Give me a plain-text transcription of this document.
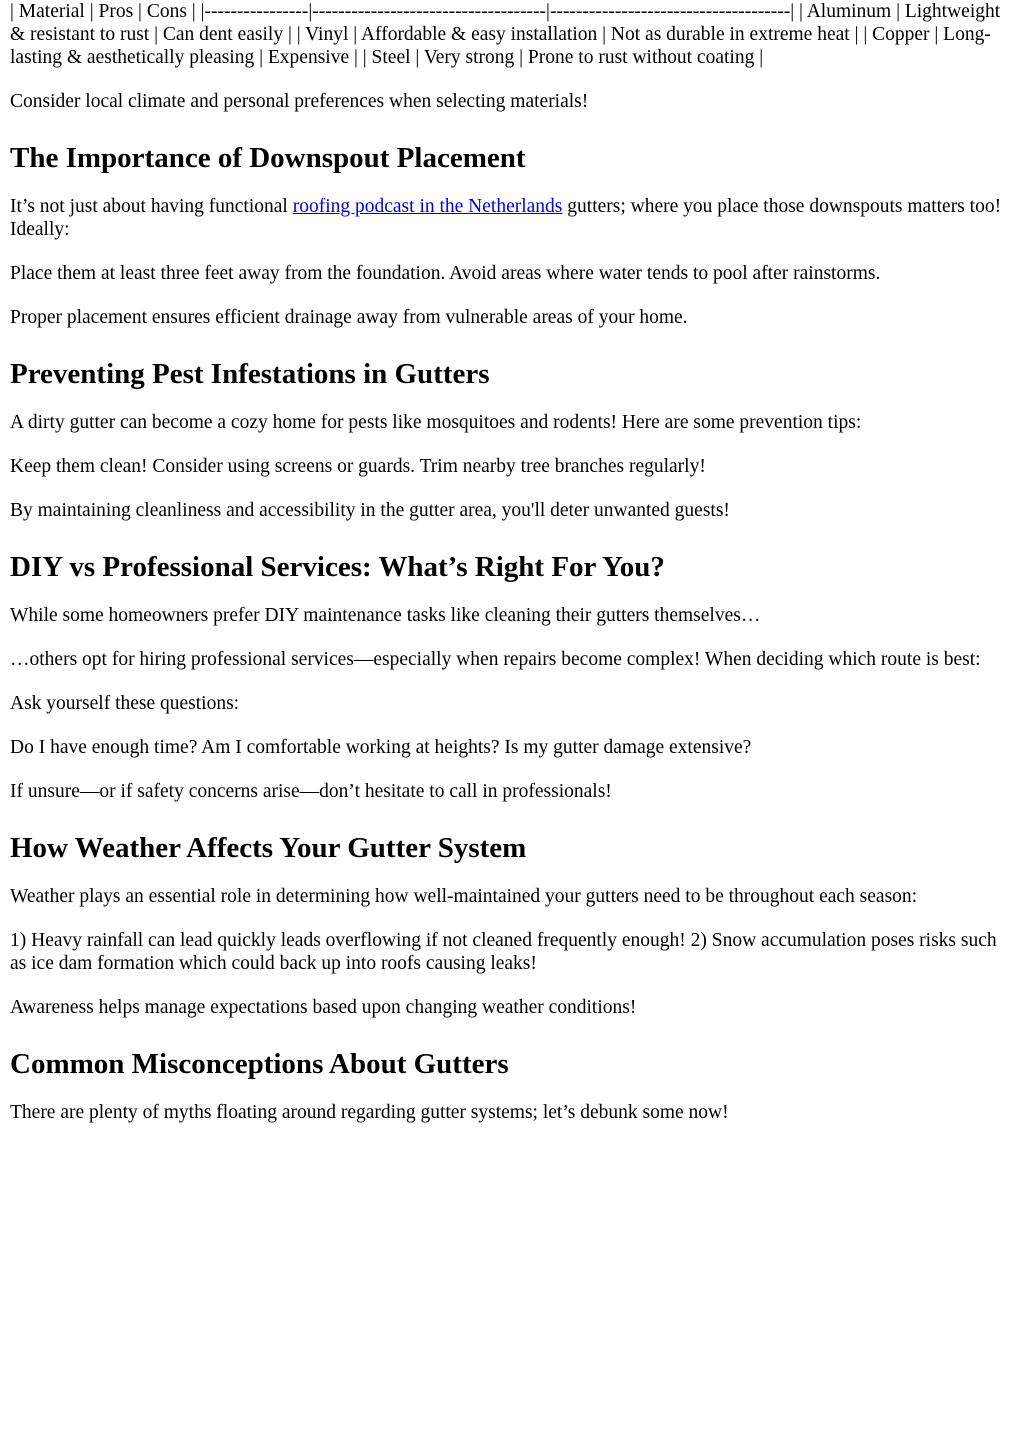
| Material | Pros | Cons | |----------------|------------------------------------|-------------------------------------| | Aluminum | Lightweight & resistant to rust | Can dent easily | | Vinyl | Affordable & easy installation | Not as durable in extreme heat | | Copper | Long-lasting & aesthetically pleasing | Expensive | | Steel | Very strong | Prone to rust without coating |

Consider local climate and personal preferences when selecting materials!

The Importance of Downspout Placement

It’s not just about having functional roofing podcast in the Netherlands gutters; where you place those downspouts matters too! Ideally:

Place them at least three feet away from the foundation. Avoid areas where water tends to pool after rainstorms.

Proper placement ensures efficient drainage away from vulnerable areas of your home.

Preventing Pest Infestations in Gutters

A dirty gutter can become a cozy home for pests like mosquitoes and rodents! Here are some prevention tips:

Keep them clean! Consider using screens or guards. Trim nearby tree branches regularly!

By maintaining cleanliness and accessibility in the gutter area, you'll deter unwanted guests!

DIY vs Professional Services: What’s Right For You?

While some homeowners prefer DIY maintenance tasks like cleaning their gutters themselves…

…others opt for hiring professional services—especially when repairs become complex! When deciding which route is best:

Ask yourself these questions:

Do I have enough time? Am I comfortable working at heights? Is my gutter damage extensive?

If unsure—or if safety concerns arise—don’t hesitate to call in professionals!

How Weather Affects Your Gutter System

Weather plays an essential role in determining how well-maintained your gutters need to be throughout each season:

1) Heavy rainfall can lead quickly leads overflowing if not cleaned frequently enough! 2) Snow accumulation poses risks such as ice dam formation which could back up into roofs causing leaks!

Awareness helps manage expectations based upon changing weather conditions!

Common Misconceptions About Gutters

There are plenty of myths floating around regarding gutter systems; let’s debunk some now!
